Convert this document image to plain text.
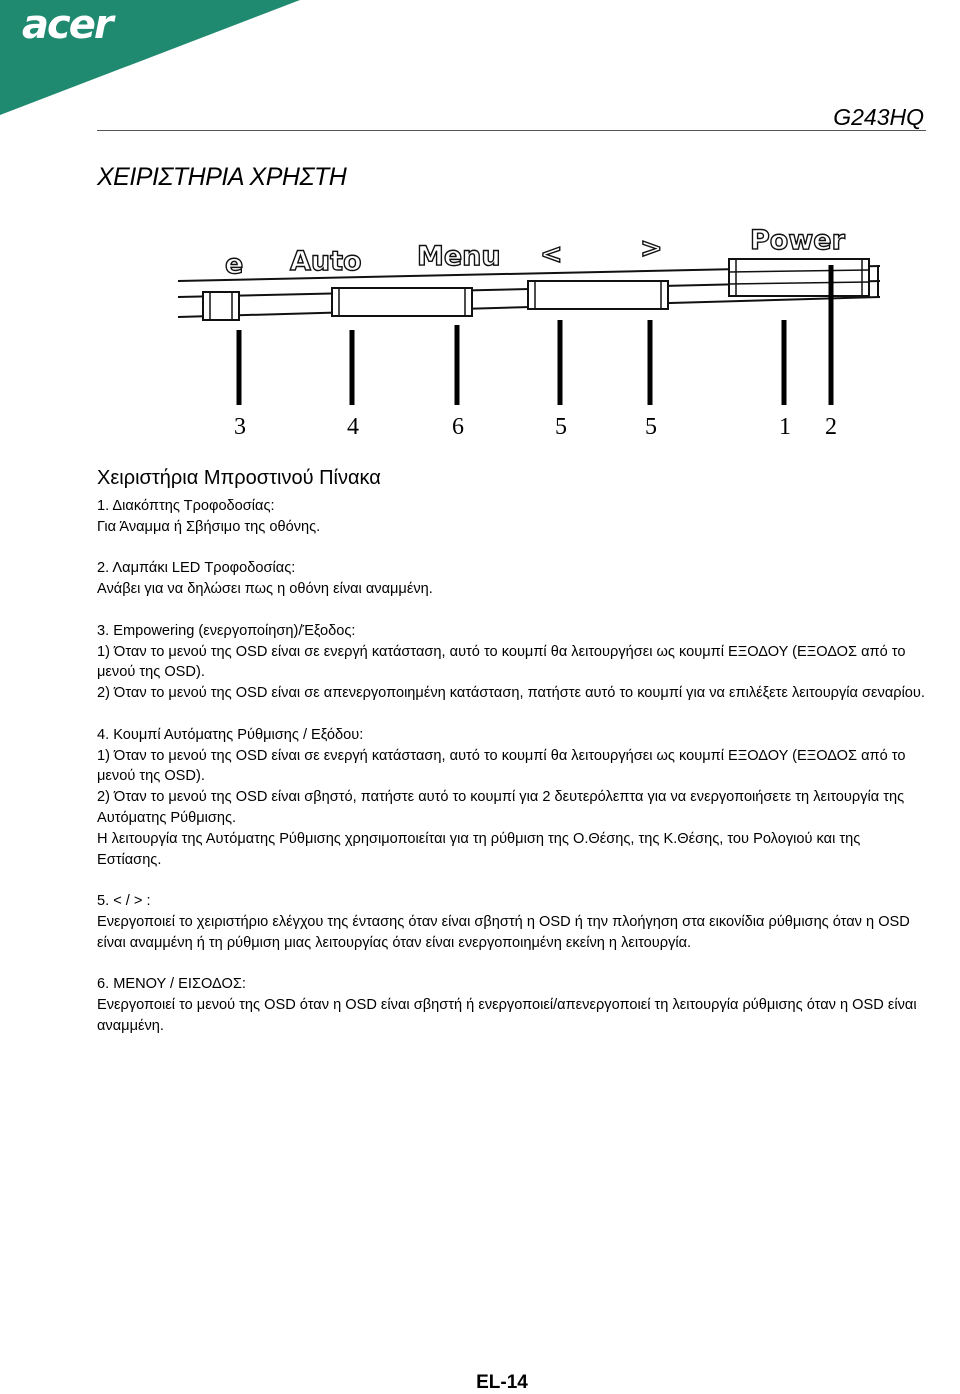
acer
G243HQ
ΧΕΙΡΙΣΤΗΡΙΑ ΧΡΗΣΤΗ
e Auto Menu <	>	Power
3	4	6	5	5	1 2
Χειριστήρια Μπροστινού Πίνακα

1. Διακόπτης Τροφοδοσίας:
Για Άναμμα ή Σβήσιμο της οθόνης.

2. Λαμπάκι LED Τροφοδοσίας:
Ανάβει για να δηλώσει πως η οθόνη είναι αναμμένη.

3. Empowering (ενεργοποίηση)/Έξοδος:
1) Όταν το μενού της OSD είναι σε ενεργή κατάσταση, αυτό το κουμπί θα λειτουργήσει ως κουμπί ΕΞΟΔΟΥ (ΕΞΟΔΟΣ από το μενού της OSD).
2) Όταν το μενού της OSD είναι σε απενεργοποιημένη κατάσταση, πατήστε αυτό το κουμπί για να επιλέξετε λειτουργία σεναρίου.

4. Κουμπί Αυτόματης Ρύθμισης / Εξόδου:
1) Όταν το μενού της OSD είναι σε ενεργή κατάσταση, αυτό το κουμπί θα λειτουργήσει ως κουμπί ΕΞΟΔΟΥ (ΕΞΟΔΟΣ από το μενού της OSD).
2) Όταν το μενού της OSD είναι σβηστό, πατήστε αυτό το κουμπί για 2 δευτερόλεπτα για να ενεργοποιήσετε τη λειτουργία της Αυτόματης Ρύθμισης.
Η λειτουργία της Αυτόματης Ρύθμισης χρησιμοποιείται για τη ρύθμιση της Ο.Θέσης, της Κ.Θέσης, του Ρολογιού και της Εστίασης.

5. < / > :
Ενεργοποιεί το χειριστήριο ελέγχου της έντασης όταν είναι σβηστή η OSD ή την πλοήγηση στα εικονίδια ρύθμισης όταν η OSD είναι αναμμένη ή τη ρύθμιση μιας λειτουργίας όταν είναι ενεργοποιημένη εκείνη η λειτουργία.

6. ΜΕΝΟΥ / ΕΙΣΟΔΟΣ:
Ενεργοποιεί το μενού της OSD όταν η OSD είναι σβηστή ή ενεργοποιεί/απενεργοποιεί τη λειτουργία ρύθμισης όταν η OSD είναι αναμμένη.

EL-14
